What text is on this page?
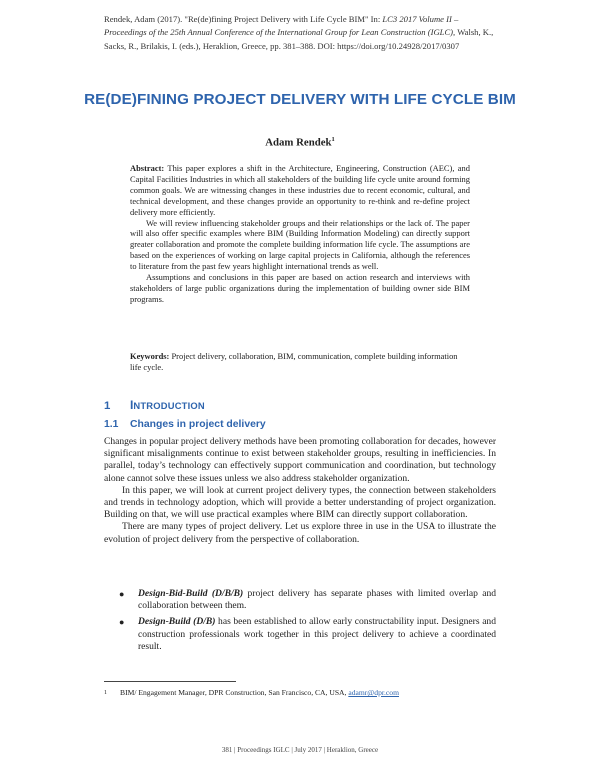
Rendek, Adam (2017). "Re(de)fining Project Delivery with Life Cycle BIM" In: LC3 2017 Volume II – Proceedings of the 25th Annual Conference of the International Group for Lean Construction (IGLC), Walsh, K., Sacks, R., Brilakis, I. (eds.), Heraklion, Greece, pp. 381–388. DOI: https://doi.org/10.24928/2017/0307
RE(DE)FINING PROJECT DELIVERY WITH LIFE CYCLE BIM
Adam Rendek$^1$

Abstract: This paper explores a shift in the Architecture, Engineering, Construction (AEC), and Capital Facilities Industries in which all stakeholders of the building life cycle unite around forming common goals. We are witnessing changes in these industries due to recent economic, cultural, and technical development, and these changes provide an opportunity to re-think and re-define project delivery more efficiently.

We will review influencing stakeholder groups and their relationships or the lack of. The paper will also offer specific examples where BIM (Building Information Modeling) can directly support greater collaboration and promote the complete building information life cycle. The assumptions are based on the experiences of working on large capital projects in California, although the references to literature from the past few years highlight international trends as well.

Assumptions and conclusions in this paper are based on action research and interviews with stakeholders of large public organizations during the implementation of building owner side BIM programs.

Keywords: Project delivery, collaboration, BIM, communication, complete building information life cycle.
1 INTRODUCTION
1.1 Changes in project delivery

Changes in popular project delivery methods have been promoting collaboration for decades, however significant misalignments continue to exist between stakeholder groups, resulting in inefficiencies. In parallel, today’s technology can effectively support communication and coordination, but technology alone cannot solve these issues unless we also address stakeholder organization.

In this paper, we will look at current project delivery types, the connection between stakeholders and trends in technology adoption, which will provide a better understanding of project organization. Building on that, we will use practical examples where BIM can directly support collaboration.

There are many types of project delivery. Let us explore three in use in the USA to illustrate the evolution of project delivery from the perspective of collaboration.

● Design-Bid-Build (D/B/B) project delivery has separate phases with limited overlap and collaboration between them.
● Design-Build (D/B) has been established to allow early constructability input. Designers and construction professionals work together in this project delivery to achieve a coordinated result.
1 BIM/ Engagement Manager, DPR Construction, San Francisco, CA, USA, adamr@dpr.com
381 | Proceedings IGLC | July 2017 | Heraklion, Greece
